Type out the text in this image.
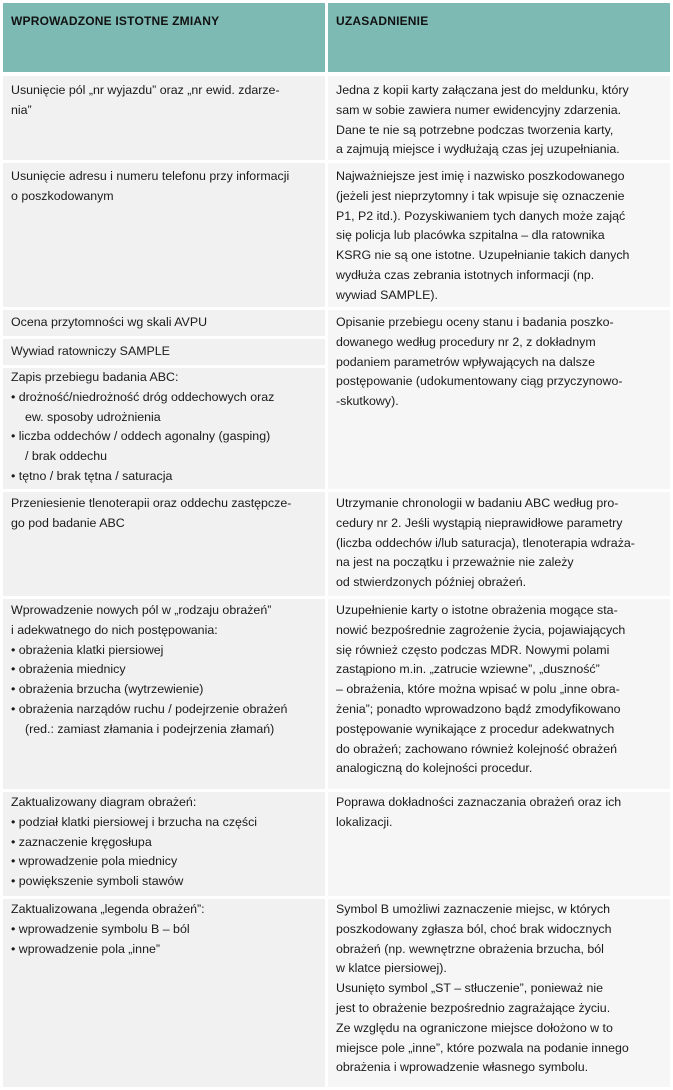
WPROWADZONE ISTOTNE ZMIANY	UZASADNIENIE
Usunięcie pól „nr wyjazdu” oraz „nr ewid. zdarze-
nia”
Jedna z kopii karty załączana jest do meldunku, który
sam w sobie zawiera numer ewidencyjny zdarzenia.
Dane te nie są potrzebne podczas tworzenia karty,
a zajmują miejsce i wydłużają czas jej uzupełniania.
Usunięcie adresu i numeru telefonu przy informacji
o poszkodowanym
Najważniejsze jest imię i nazwisko poszkodowanego
(jeżeli jest nieprzytomny i tak wpisuje się oznaczenie
P1, P2 itd.). Pozyskiwaniem tych danych może zająć
się policja lub placówka szpitalna – dla ratownika
KSRG nie są one istotne. Uzupełnianie takich danych
wydłuża czas zebrania istotnych informacji (np.
wywiad SAMPLE).
Ocena przytomności wg skali AVPU
Wywiad ratowniczy SAMPLE
Zapis przebiegu badania ABC:
• drożność/niedrożność dróg oddechowych oraz
ew. sposoby udrożnienia
• liczba oddechów / oddech agonalny (gasping)
/ brak oddechu
• tętno / brak tętna / saturacja
Opisanie przebiegu oceny stanu i badania poszko-
dowanego według procedury nr 2, z dokładnym
podaniem parametrów wpływających na dalsze
postępowanie (udokumentowany ciąg przyczynowo-
-skutkowy).
Przeniesienie tlenoterapii oraz oddechu zastępcze-
go pod badanie ABC
Utrzymanie chronologii w badaniu ABC według pro-
cedury nr 2. Jeśli wystąpią nieprawidłowe parametry
(liczba oddechów i/lub saturacja), tlenoterapia wdraża-
na jest na początku i przeważnie nie zależy
od stwierdzonych później obrażeń.
Wprowadzenie nowych pól w „rodzaju obrażeń”
i adekwatnego do nich postępowania:
• obrażenia klatki piersiowej
• obrażenia miednicy
• obrażenia brzucha (wytrzewienie)
• obrażenia narządów ruchu / podejrzenie obrażeń
(red.: zamiast złamania i podejrzenia złamań)
Uzupełnienie karty o istotne obrażenia mogące sta-
nowić bezpośrednie zagrożenie życia, pojawiających
się również często podczas MDR. Nowymi polami
zastąpiono m.in. „zatrucie wziewne”, „duszność”
– obrażenia, które można wpisać w polu „inne obra-
żenia”; ponadto wprowadzono bądź zmodyfikowano
postępowanie wynikające z procedur adekwatnych
do obrażeń; zachowano również kolejność obrażeń
analogiczną do kolejności procedur.
Zaktualizowany diagram obrażeń:
• podział klatki piersiowej i brzucha na części
• zaznaczenie kręgosłupa
• wprowadzenie pola miednicy
• powiększenie symboli stawów
Poprawa dokładności zaznaczania obrażeń oraz ich
lokalizacji.
Zaktualizowana „legenda obrażeń”:
• wprowadzenie symbolu B – ból
• wprowadzenie pola „inne”
Symbol B umożliwi zaznaczenie miejsc, w których
poszkodowany zgłasza ból, choć brak widocznych
obrażeń (np. wewnętrzne obrażenia brzucha, ból
w klatce piersiowej).
Usunięto symbol „ST – stłuczenie”, ponieważ nie
jest to obrażenie bezpośrednio zagrażające życiu.
Ze względu na ograniczone miejsce dołożono w to
miejsce pole „inne”, które pozwala na podanie innego
obrażenia i wprowadzenie własnego symbolu.
